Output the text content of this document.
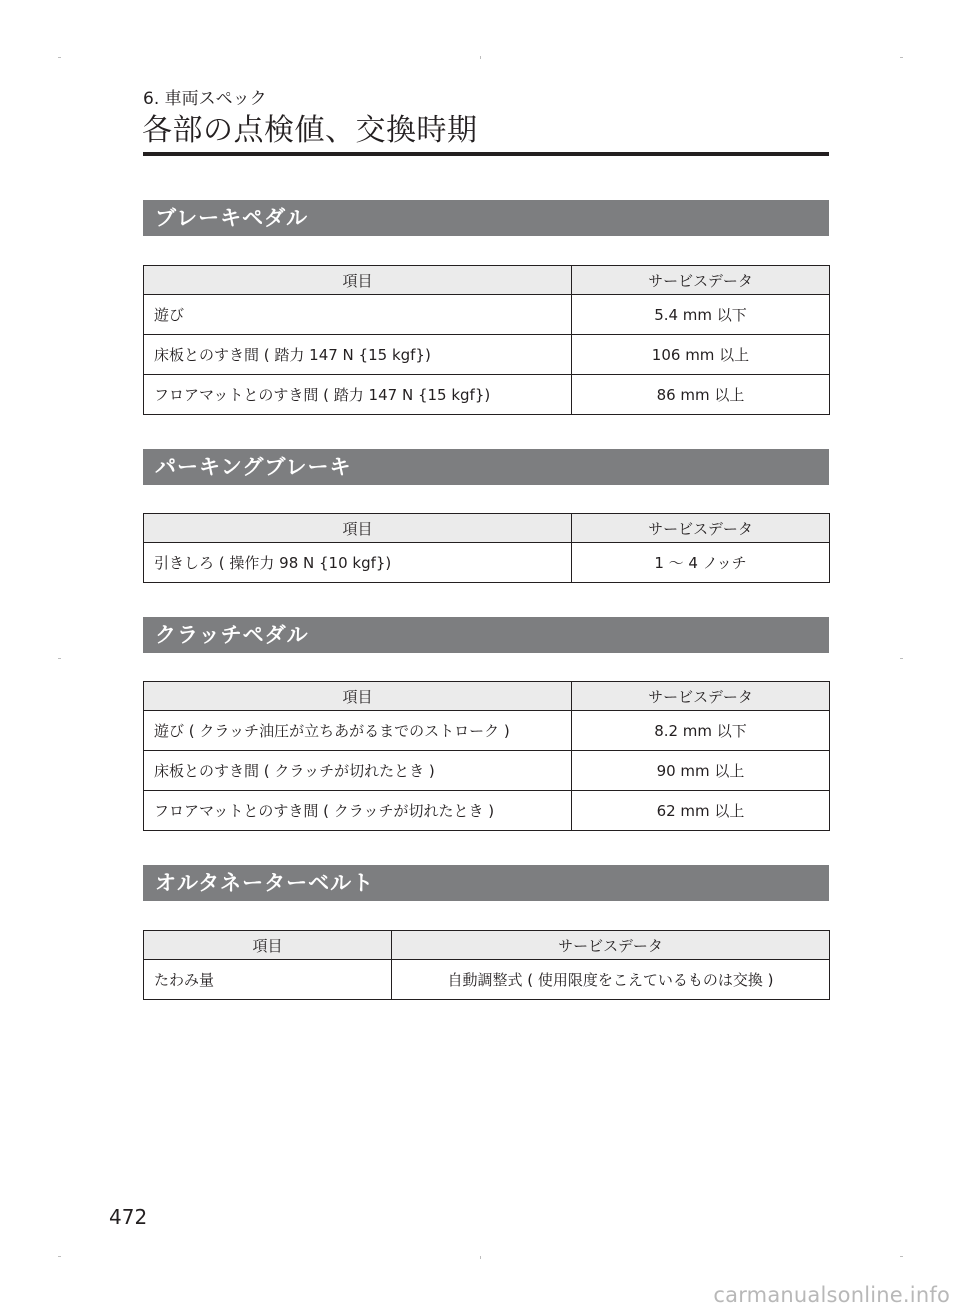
6. 車両スペック
各部の点検値、交換時期
ブレーキペダル
項目	サービスデータ
遊び	5.4 mm 以下
床板とのすき間 ( 踏力 147 N {15 kgf})	106 mm 以上
フロアマットとのすき間 ( 踏力 147 N {15 kgf})	86 mm 以上
パーキングブレーキ
項目	サービスデータ
引きしろ ( 操作力 98 N {10 kgf})	1 ～ 4 ノッチ
クラッチペダル
項目	サービスデータ
遊び ( クラッチ油圧が立ちあがるまでのストローク )	8.2 mm 以下
床板とのすき間 ( クラッチが切れたとき )	90 mm 以上
フロアマットとのすき間 ( クラッチが切れたとき )	62 mm 以上
オルタネーターベルト
項目	サービスデータ
たわみ量	自動調整式 ( 使用限度をこえているものは交換 )
472
carmanualsonline.info
